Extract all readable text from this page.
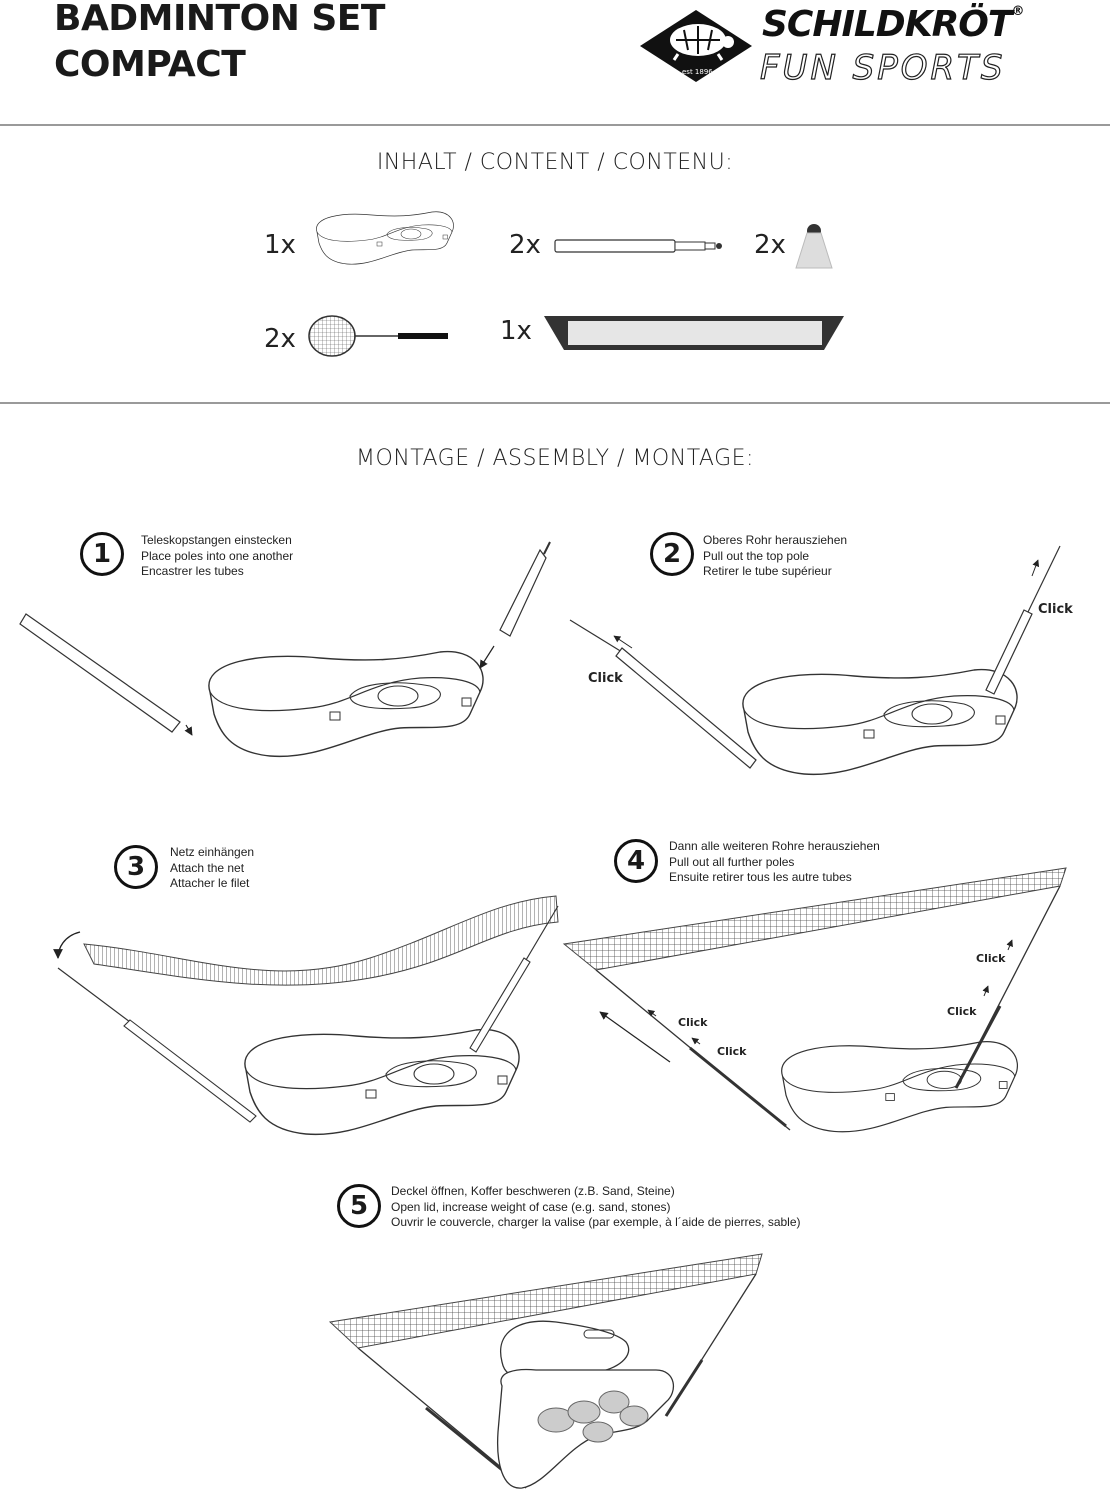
BADMINTON SET
COMPACT	est 1896
SCHILDKRÖT®
FUN SPORTS
INHALT / CONTENT / CONTENU:
1x	2x	2x
2x	1x
MONTAGE / ASSEMBLY / MONTAGE:
1	Teleskopstangen einstecken
Place poles into one another
Encastrer les tubes
2	Oberes Rohr herausziehen
Pull out the top pole
Retirer le tube supérieur
Click
Click
3	Netz einhängen
Attach the net
Attacher le filet
4	Dann alle weiteren Rohre herausziehen
Pull out all further poles
Ensuite retirer tous les autre tubes
Click
Click
Click
Click
5	Deckel öffnen, Koffer beschweren (z.B. Sand, Steine)
Open lid, increase weight of case (e.g. sand, stones)
Ouvrir le couvercle, charger la valise (par exemple, à l´aide de pierres, sable)
